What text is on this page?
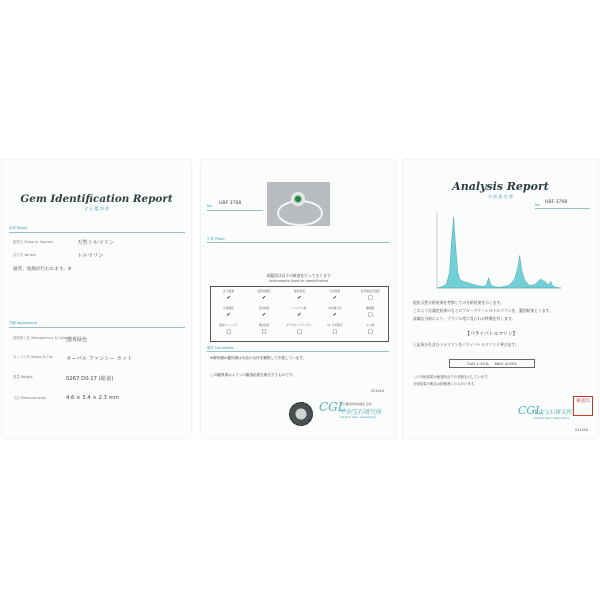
Gem Identification Report
宝 石 鑑 別 書
結果 Result
鉱物名 Stone or Species	天然トルマリン
宝石名 Variety	トルマリン
通常、加熱が行われます。※
外観 Appearance
透明度と色 Transparency & Color
透明緑色
カットの形 Shape & Cut	オーバル ファンシー カット
重量 Weight	0267 D0.17 (総量)
寸法 Measurements	4.6 × 3.4 × 2.3 mm
No. UBF 3768
写真 Photo
本鑑別は以下の検査を行っております
Instruments Used for Identification
拡大検査	屈折率測定	偏光検査	分光検査	紫外線蛍光検査
✔	✔	✔	✔	□
比重測定	蛍光検査	エックス線	赤外線分光	顕微鏡
✔	✔	✔	✔	□
簡易フィールド	単位屈折	ダイヤモンドテスター	CL 分光測定	その他
□	□	□	□	□
備考 Comments
※御依頼の鑑別書は本品の全体を観察して作製しています。
この鑑別書はメインの鑑別結果を報告するものです。
021424
CGL
宝石鑑別団体協議会 会員
中央宝石研究所
Central Gem Laboratory
Analysis Report
分 析 報 告 書
No. UBF 3768
提出天然分析結果を考察しての分析結果を示します。
このような測定結果のもとにブルーグリーンのトルマリンを、鑑別結果とします。
詳細な分析により、ブラジル産に見られる特徴を有します。
【パライバトルマリン】
上記成分を含むトルマリンをパライバトルマリンと呼びます。
CuO 1.21% MnO 4.03%
この分析結果は検査時点での状態を示しています。
分析結果の報告は依頼者にのみ行います。
021424
CGL
中央宝石研究所
Central Gem Laboratory
検査印
